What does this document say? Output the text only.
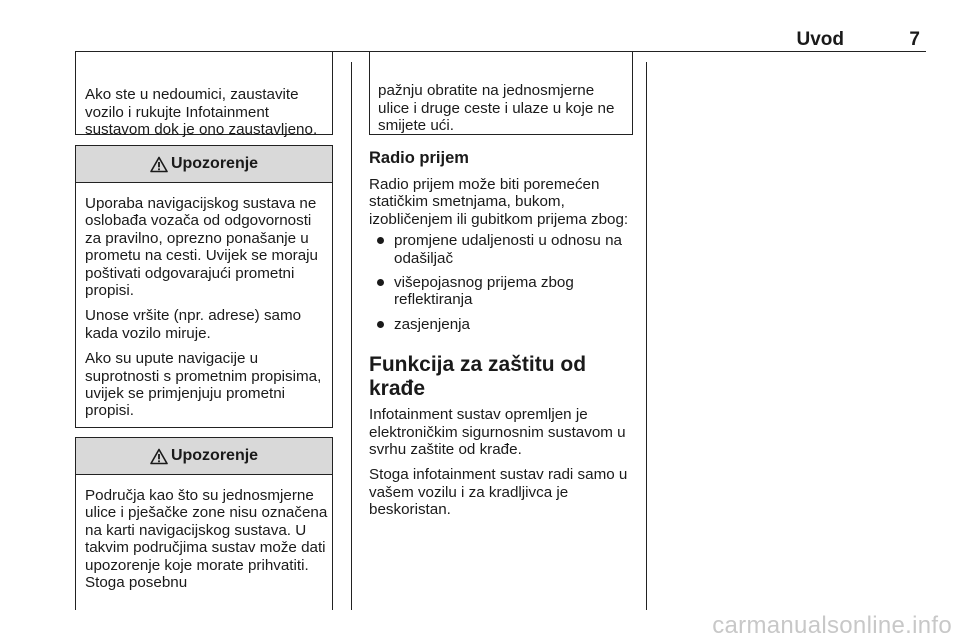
Uvod	7

Ako ste u nedoumici, zaustavite vozilo i rukujte Infotainment sustavom dok je ono zaustavljeno.

Upozorenje

Uporaba navigacijskog sustava ne oslobađa vozača od odgovornosti za pravilno, oprezno ponašanje u prometu na cesti. Uvijek se moraju poštivati odgovarajući prometni propisi.

Unose vršite (npr. adrese) samo kada vozilo miruje.

Ako su upute navigacije u suprotnosti s prometnim propisima, uvijek se primjenjuju prometni propisi.

Upozorenje

Područja kao što su jednosmjerne ulice i pješačke zone nisu označena na karti navigacijskog sustava. U takvim područjima sustav može dati upozorenje koje morate prihvatiti. Stoga posebnu

pažnju obratite na jednosmjerne ulice i druge ceste i ulaze u koje ne smijete ući.

Radio prijem

Radio prijem može biti poremećen statičkim smetnjama, bukom, izobličenjem ili gubitkom prijema zbog:

promjene udaljenosti u odnosu na odašiljač
višepojasnog prijema zbog reflektiranja
zasjenjenja
Funkcija za zaštitu od krađe

Infotainment sustav opremljen je elektroničkim sigurnosnim sustavom u svrhu zaštite od krađe.

Stoga infotainment sustav radi samo u vašem vozilu i za kradljivca je beskoristan.

carmanualsonline.info
